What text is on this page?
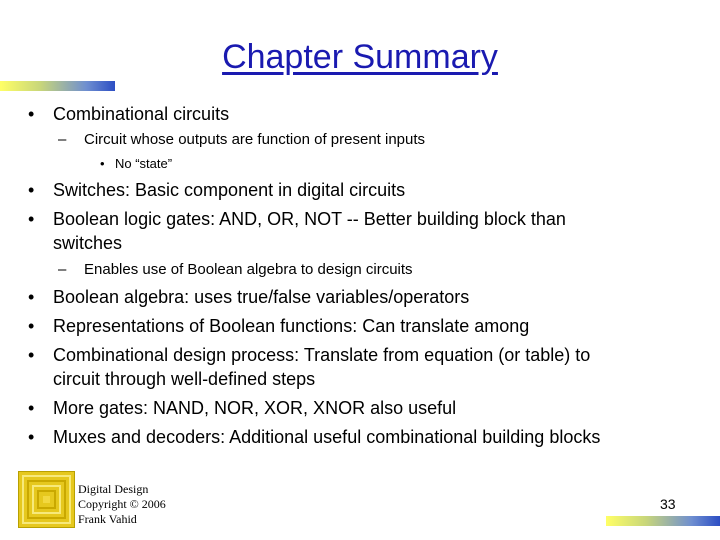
Chapter Summary
• Combinational circuits
– Circuit whose outputs are function of present inputs
• No “state”
• Switches: Basic component in digital circuits
• Boolean logic gates: AND, OR, NOT -- Better building block than
switches
– Enables use of Boolean algebra to design circuits
• Boolean algebra: uses true/false variables/operators
• Representations of Boolean functions: Can translate among
• Combinational design process: Translate from equation (or table) to
circuit through well-defined steps
• More gates: NAND, NOR, XOR, XNOR also useful
• Muxes and decoders: Additional useful combinational building blocks
Digital Design
Copyright © 2006
Frank Vahid
33
